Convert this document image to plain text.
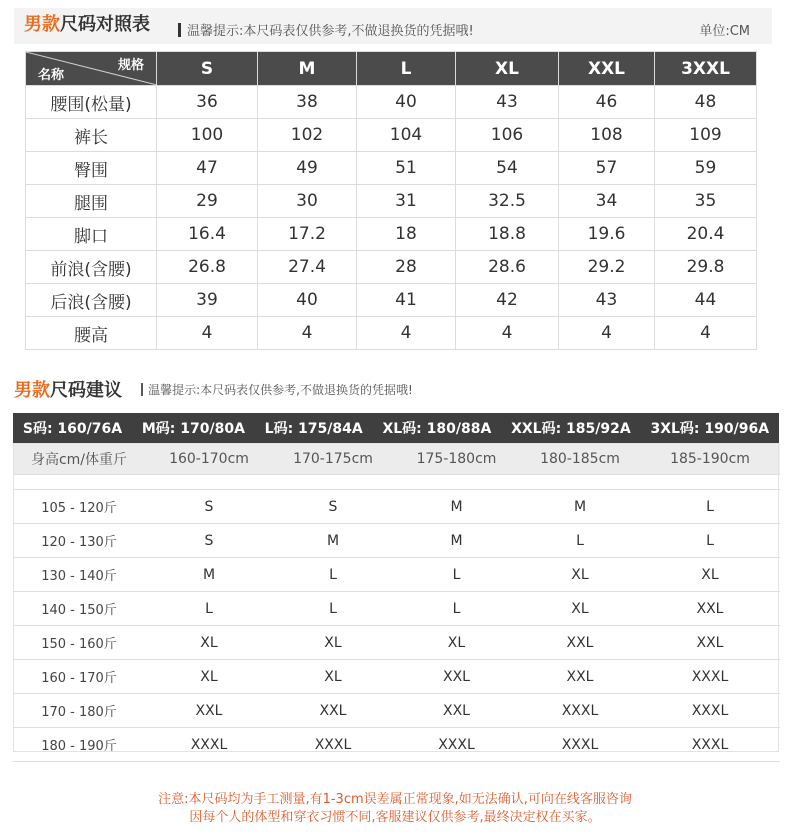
男款尺码对照表	温馨提示:本尺码表仅供参考,不做退换货的凭据哦!	单位:CM
规格
名称	S	M	L	XL	XXL	3XXL
腰围(松量)	36	38	40	43	46	48
裤长	100	102	104	106	108	109
臀围	47	49	51	54	57	59
腿围	29	30	31	32.5	34	35
脚口	16.4	17.2	18	18.8	19.6	20.4
前浪(含腰)	26.8	27.4	28	28.6	29.2	29.8
后浪(含腰)	39	40	41	42	43	44
腰高	4	4	4	4	4	4
男款尺码建议 温馨提示:本尺码表仅供参考,不做退换货的凭据哦!
S码: 160/76A M码: 170/80A L码: 175/84A XL码: 180/88A XXL码: 185/92A 3XL码: 190/96A
身高cm/体重斤	160-170cm	170-175cm	175-180cm	180-185cm	185-190cm

105 - 120斤	S	S	M	M	L
120 - 130斤	S	M	M	L	L
130 - 140斤	M	L	L	XL	XL
140 - 150斤	L	L	L	XL	XXL
150 - 160斤	XL	XL	XL	XXL	XXL
160 - 170斤	XL	XL	XXL	XXL	XXXL
170 - 180斤	XXL	XXL	XXL	XXXL	XXXL
180 - 190斤	XXXL	XXXL	XXXL	XXXL	XXXL
注意:本尺码均为手工测量,有1-3cm误差属正常现象,如无法确认,可向在线客服咨询
因每个人的体型和穿衣习惯不同,客服建议仅供参考,最终决定权在买家。
